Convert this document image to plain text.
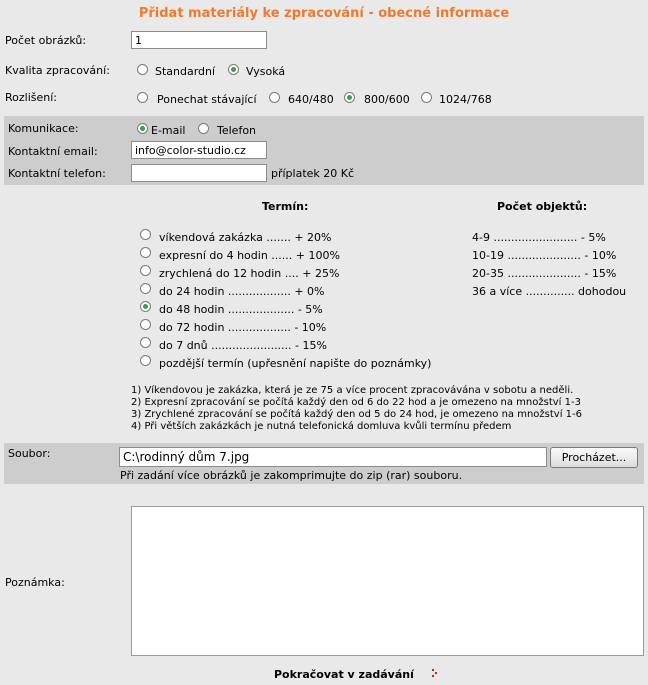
Přidat materiály ke zpracování - obecné informace
Počet obrázků:
1
Kvalita zpracování:	Standardní	Vysoká
Rozlišení:	Ponechat stávající	640/480	800/600	1024/768
Komunikace:	E-mail	Telefon
Kontaktní email:
info@color-studio.cz
Kontaktní telefon:	příplatek 20 Kč
Termín:	Počet objektů:
víkendová zakázka ....... + 20%
expresní do 4 hodin ...... + 100%
zrychlená do 12 hodin .... + 25%
do 24 hodin .................. + 0%
do 48 hodin ................... - 5%
do 72 hodin .................. - 10%
do 7 dnů ....................... - 15%
pozdější termín (upřesnění napište do poznámky)
4-9 ........................ - 5%
10-19 ..................... - 10%
20-35 ..................... - 15%
36 a více .............. dohodou
1) Víkendovou je zakázka, která je ze 75 a více procent zpracovávána v sobotu a neděli.
2) Expresní zpracování se počítá každý den od 6 do 22 hod a je omezeno na množství 1-3
3) Zrychlené zpracování se počítá každý den od 5 do 24 hod, je omezeno na množství 1-6
4) Při větších zakázkách je nutná telefonická domluva kvůli termínu předem
Soubor:
C:\rodinný dům 7.jpg	Procházet...
Při zadání více obrázků je zakomprimujte do zip (rar) souboru.
Poznámka:
Pokračovat v zadávání
